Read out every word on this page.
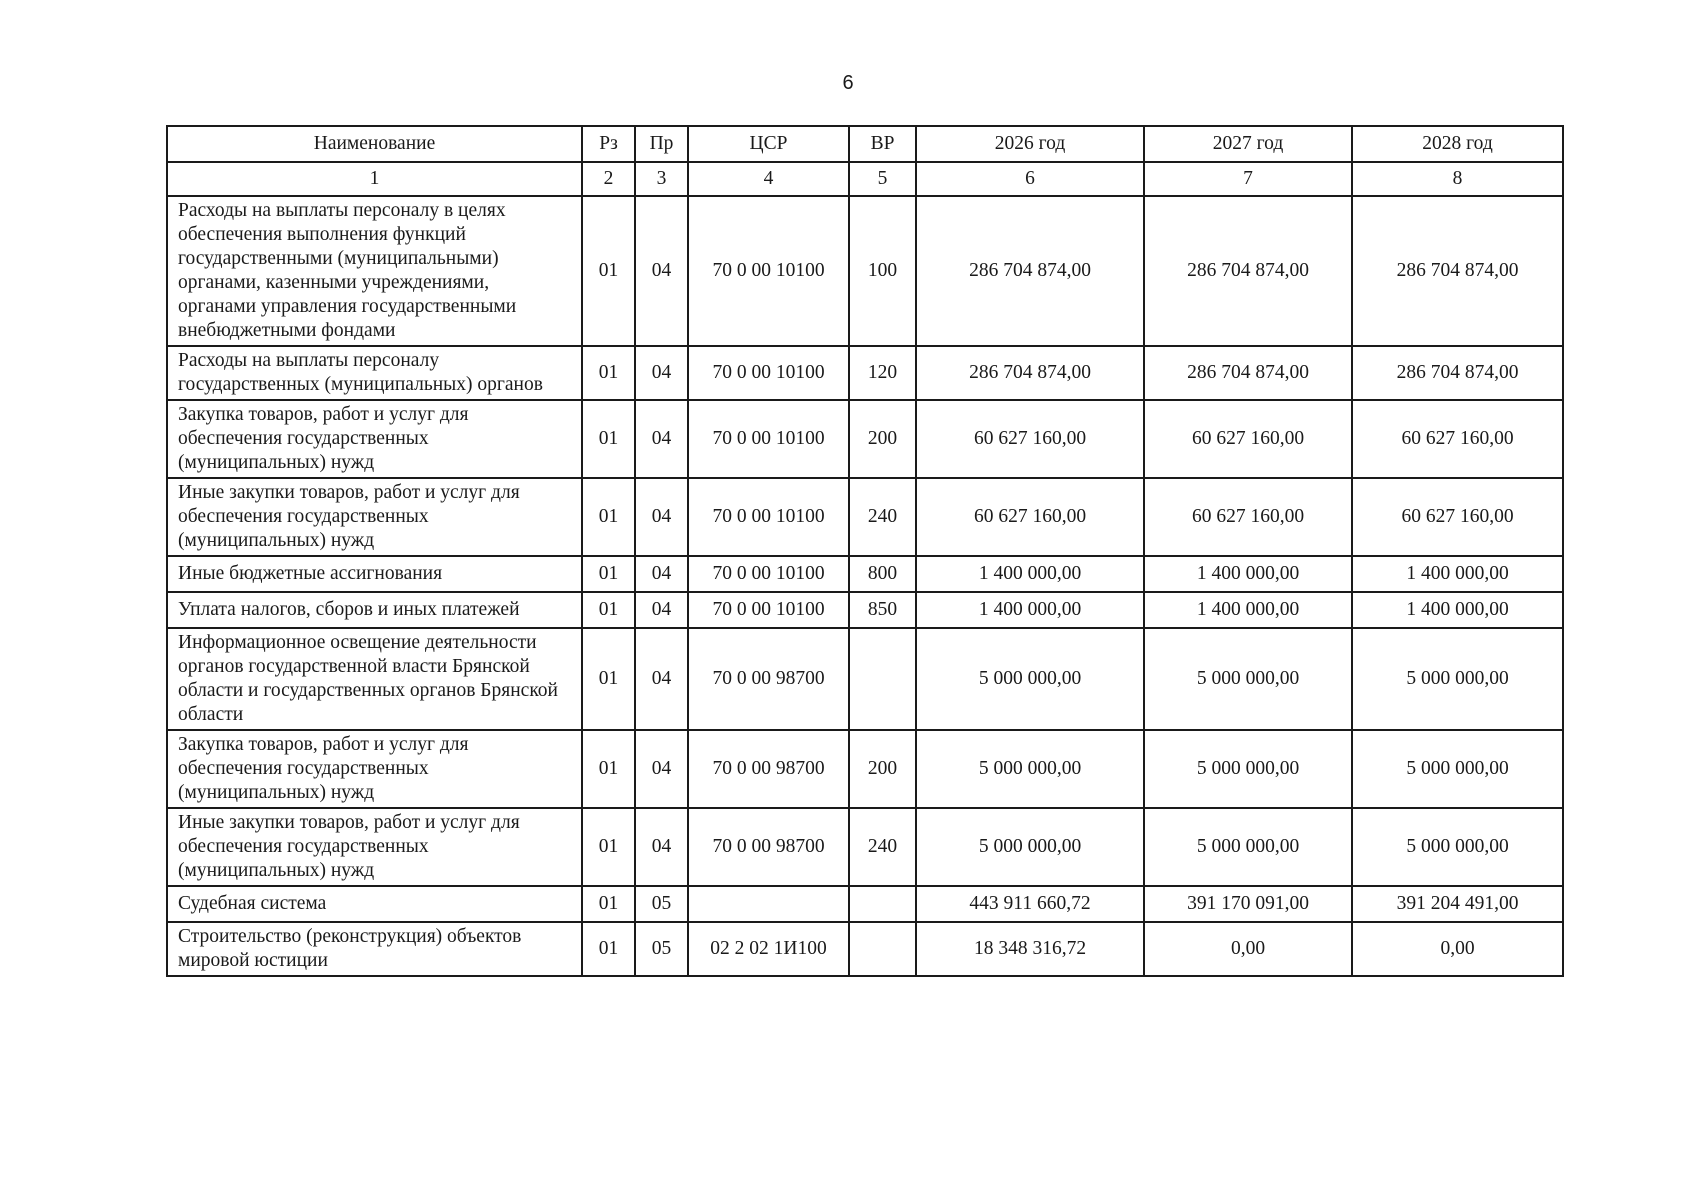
6
Наименование	Рз	Пр	ЦСР	ВР	2026 год	2027 год	2028 год
1	2	3	4	5	6	7	8
Расходы на выплаты персоналу в целях обеспечения выполнения функций государственными (муниципальными) органами, казенными учреждениями, органами управления государственными внебюджетными фондами	01	04	70 0 00 10100	100	286 704 874,00	286 704 874,00	286 704 874,00
Расходы на выплаты персоналу государственных (муниципальных) органов	01	04	70 0 00 10100	120	286 704 874,00	286 704 874,00	286 704 874,00
Закупка товаров, работ и услуг для обеспечения государственных (муниципальных) нужд	01	04	70 0 00 10100	200	60 627 160,00	60 627 160,00	60 627 160,00
Иные закупки товаров, работ и услуг для обеспечения государственных (муниципальных) нужд	01	04	70 0 00 10100	240	60 627 160,00	60 627 160,00	60 627 160,00
Иные бюджетные ассигнования	01	04	70 0 00 10100	800	1 400 000,00	1 400 000,00	1 400 000,00
Уплата налогов, сборов и иных платежей	01	04	70 0 00 10100	850	1 400 000,00	1 400 000,00	1 400 000,00
Информационное освещение деятельности органов государственной власти Брянской области и государственных органов Брянской области	01	04	70 0 00 98700		5 000 000,00	5 000 000,00	5 000 000,00
Закупка товаров, работ и услуг для обеспечения государственных (муниципальных) нужд	01	04	70 0 00 98700	200	5 000 000,00	5 000 000,00	5 000 000,00
Иные закупки товаров, работ и услуг для обеспечения государственных (муниципальных) нужд	01	04	70 0 00 98700	240	5 000 000,00	5 000 000,00	5 000 000,00
Судебная система	01	05			443 911 660,72	391 170 091,00	391 204 491,00
Строительство (реконструкция) объектов мировой юстиции	01	05	02 2 02 1И100		18 348 316,72	0,00	0,00
